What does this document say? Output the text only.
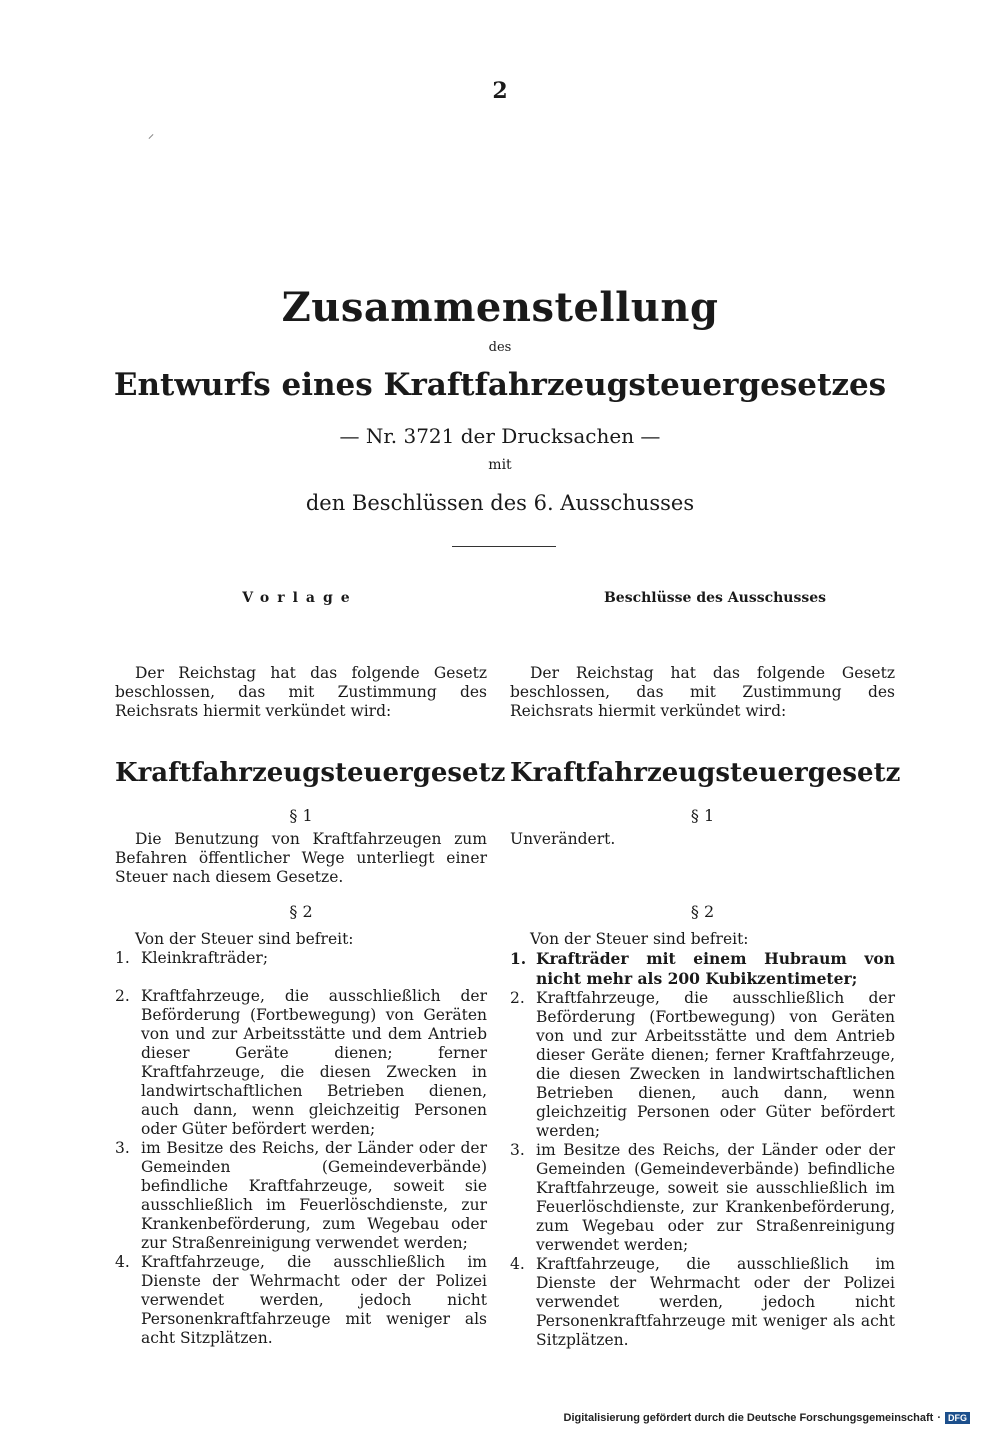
2
Zusammenstellung
des
Entwurfs eines Kraftfahrzeugsteuergesetzes
— Nr. 3721 der Drucksachen —
mit
den Beschlüssen des 6. Ausschusses
Vorlage	Beschlüsse des Ausschusses

Der Reichstag hat das folgende Gesetz beschlossen, das mit Zustimmung des Reichsrats hiermit verkündet wird:

Kraftfahrzeugsteuergesetz
§ 1

Die Benutzung von Kraftfahrzeugen zum Befahren öffentlicher Wege unterliegt einer Steuer nach diesem Gesetze.

§ 2

Von der Steuer sind befreit:

1. Kleinkrafträder;
2. Kraftfahrzeuge, die ausschließlich der Beförderung (Fortbewegung) von Geräten von und zur Arbeitsstätte und dem Antrieb dieser Geräte dienen; ferner Kraftfahrzeuge, die diesen Zwecken in landwirtschaftlichen Betrieben dienen, auch dann, wenn gleichzeitig Personen oder Güter befördert werden;
3. im Besitze des Reichs, der Länder oder der Gemeinden (Gemeindeverbände) befindliche Kraftfahrzeuge, soweit sie ausschließlich im Feuerlöschdienste, zur Krankenbeförderung, zum Wegebau oder zur Straßenreinigung verwendet werden;
4. Kraftfahrzeuge, die ausschließlich im Dienste der Wehrmacht oder der Polizei verwendet werden, jedoch nicht Personenkraftfahrzeuge mit weniger als acht Sitzplätzen.

Der Reichstag hat das folgende Gesetz beschlossen, das mit Zustimmung des Reichsrats hiermit verkündet wird:

Kraftfahrzeugsteuergesetz
§ 1

Unverändert.

§ 2

Von der Steuer sind befreit:

1. Krafträder mit einem Hubraum von nicht mehr als 200 Kubikzentimeter;
2. Kraftfahrzeuge, die ausschließlich der Beförderung (Fortbewegung) von Geräten von und zur Arbeitsstätte und dem Antrieb dieser Geräte dienen; ferner Kraftfahrzeuge, die diesen Zwecken in landwirtschaftlichen Betrieben dienen, auch dann, wenn gleichzeitig Personen oder Güter befördert werden;
3. im Besitze des Reichs, der Länder oder der Gemeinden (Gemeindeverbände) befindliche Kraftfahrzeuge, soweit sie ausschließlich im Feuerlöschdienste, zur Krankenbeförderung, zum Wegebau oder zur Straßenreinigung verwendet werden;
4. Kraftfahrzeuge, die ausschließlich im Dienste der Wehrmacht oder der Polizei verwendet werden, jedoch nicht Personenkraftfahrzeuge mit weniger als acht Sitzplätzen.
Digitalisierung gefördert durch die Deutsche Forschungsgemeinschaft · DFG
